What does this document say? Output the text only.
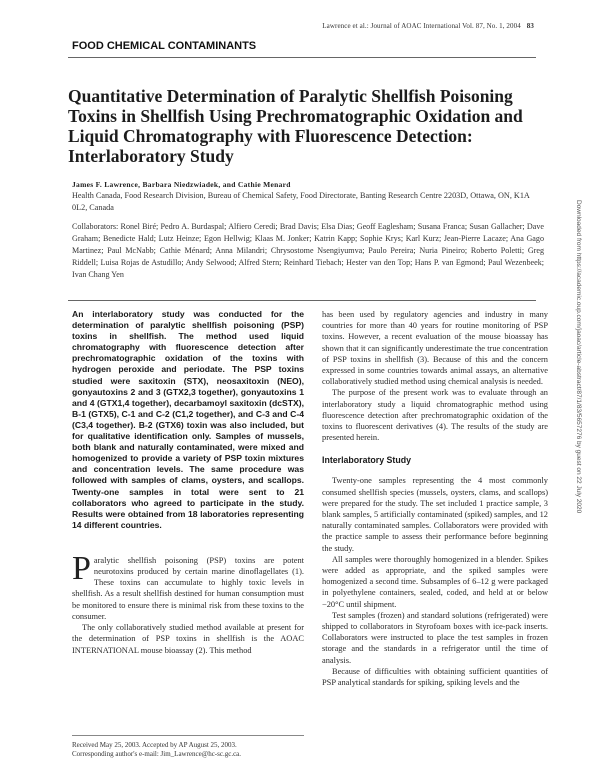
Lawrence et al.: Journal of AOAC International Vol. 87, No. 1, 2004 83
FOOD CHEMICAL CONTAMINANTS
Quantitative Determination of Paralytic Shellfish Poisoning Toxins in Shellfish Using Prechromatographic Oxidation and Liquid Chromatography with Fluorescence Detection: Interlaboratory Study
James F. Lawrence, Barbara Niedzwiadek, and Cathie Menard
Health Canada, Food Research Division, Bureau of Chemical Safety, Food Directorate, Banting Research Centre 2203D, Ottawa, ON, K1A 0L2, Canada
Collaborators: Ronel Biré; Pedro A. Burdaspal; Alfiero Ceredi; Brad Davis; Elsa Dias; Geoff Eaglesham; Susana Franca; Susan Gallacher; Dave Graham; Benedicte Hald; Lutz Heinze; Egon Hellwig; Klaas M. Jonker; Katrin Kapp; Sophie Krys; Karl Kurz; Jean-Pierre Lacaze; Ana Gago Martinez; Paul McNabb; Cathie Ménard; Anna Milandri; Chrysostome Nsengiyumva; Paulo Pereira; Nuria Pineiro; Roberto Poletti; Greg Riddell; Luisa Rojas de Astudillo; Andy Selwood; Alfred Stern; Reinhard Tiebach; Hester van den Top; Hans P. van Egmond; Paul Wezenbeek; Ivan Chang Yen	Downloaded from https://academic.oup.com/jaoac/article-abstract/87/1/83/5657276 by guest on 22 July 2020

An interlaboratory study was conducted for the determination of paralytic shellfish poisoning (PSP) toxins in shellfish. The method used liquid chromatography with fluorescence detection after prechromatographic oxidation of the toxins with hydrogen peroxide and periodate. The PSP toxins studied were saxitoxin (STX), neosaxitoxin (NEO), gonyautoxins 2 and 3 (GTX2,3 together), gonyautoxins 1 and 4 (GTX1,4 together), decarbamoyl saxitoxin (dcSTX), B-1 (GTX5), C-1 and C-2 (C1,2 together), and C-3 and C-4 (C3,4 together). B-2 (GTX6) toxin was also included, but for qualitative identification only. Samples of mussels, both blank and naturally contaminated, were mixed and homogenized to provide a variety of PSP toxin mixtures and concentration levels. The same procedure was followed with samples of clams, oysters, and scallops. Twenty-one samples in total were sent to 21 collaborators who agreed to participate in the study. Results were obtained from 18 laboratories representing 14 different countries.

Paralytic shellfish poisoning (PSP) toxins are potent neurotoxins produced by certain marine dinoflagellates (1). These toxins can accumulate to highly toxic levels in shellfish. As a result shellfish destined for human consumption must be monitored to ensure there is minimal risk from these toxins to the consumer.

The only collaboratively studied method available at present for the determination of PSP toxins in shellfish is the AOAC INTERNATIONAL mouse bioassay (2). This method

has been used by regulatory agencies and industry in many countries for more than 40 years for routine monitoring of PSP toxins. However, a recent evaluation of the mouse bioassay has shown that it can significantly underestimate the true concentration of PSP toxins in shellfish (3). Because of this and the concern expressed in some countries towards animal assays, an alternative collaboratively studied method using chemical analysis is needed.

The purpose of the present work was to evaluate through an interlaboratory study a liquid chromatographic method using fluorescence detection after prechromatographic oxidation of the toxins to fluorescent derivatives (4). The results of the study are presented herein.

Interlaboratory Study

Twenty-one samples representing the 4 most commonly consumed shellfish species (mussels, oysters, clams, and scallops) were prepared for the study. The set included 1 practice sample, 3 blank samples, 5 artificially contaminated (spiked) samples, and 12 naturally contaminated samples. Collaborators were provided with the practice sample to assess their performance before beginning the study.

All samples were thoroughly homogenized in a blender. Spikes were added as appropriate, and the spiked samples were homogenized a second time. Subsamples of 6–12 g were packaged in polyethylene containers, sealed, coded, and held at or below −20°C until shipment.

Test samples (frozen) and standard solutions (refrigerated) were shipped to collaborators in Styrofoam boxes with ice-pack inserts. Collaborators were instructed to place the test samples in frozen storage and the standards in a refrigerator until the time of analysis.

Because of difficulties with obtaining sufficient quantities of PSP analytical standards for spiking, spiking levels and the

Received May 25, 2003. Accepted by AP August 25, 2003.
Corresponding author's e-mail: Jim_Lawrence@hc-sc.gc.ca.
